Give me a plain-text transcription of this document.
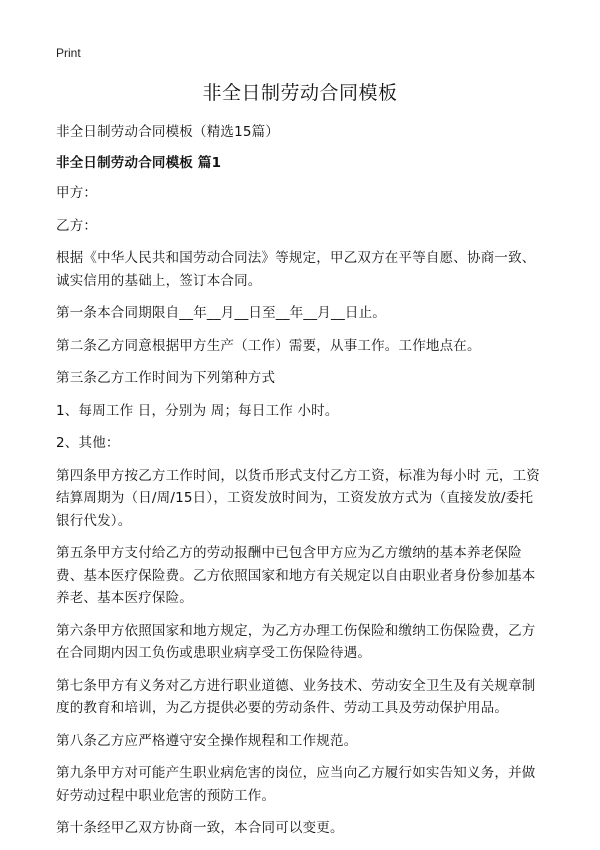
Print
非全日制劳动合同模板

非全日制劳动合同模板（精选15篇）

非全日制劳动合同模板 篇1

甲方：

乙方：

根据《中华人民共和国劳动合同法》等规定，甲乙双方在平等自愿、协商一致、诚实信用的基础上，签订本合同。

第一条本合同期限自__年__月__日至__年__月__日止。

第二条乙方同意根据甲方生产（工作）需要，从事工作。工作地点在。

第三条乙方工作时间为下列第种方式

1、每周工作 日，分别为 周；每日工作 小时。

2、其他：

第四条甲方按乙方工作时间，以货币形式支付乙方工资，标准为每小时 元，工资结算周期为（日/周/15日），工资发放时间为，工资发放方式为（直接发放/委托银行代发）。

第五条甲方支付给乙方的劳动报酬中已包含甲方应为乙方缴纳的基本养老保险费、基本医疗保险费。乙方依照国家和地方有关规定以自由职业者身份参加基本养老、基本医疗保险。

第六条甲方依照国家和地方规定，为乙方办理工伤保险和缴纳工伤保险费，乙方在合同期内因工负伤或患职业病享受工伤保险待遇。

第七条甲方有义务对乙方进行职业道德、业务技术、劳动安全卫生及有关规章制度的教育和培训，为乙方提供必要的劳动条件、劳动工具及劳动保护用品。

第八条乙方应严格遵守安全操作规程和工作规范。

第九条甲方对可能产生职业病危害的岗位，应当向乙方履行如实告知义务，并做好劳动过程中职业危害的预防工作。

第十条经甲乙双方协商一致，本合同可以变更。
